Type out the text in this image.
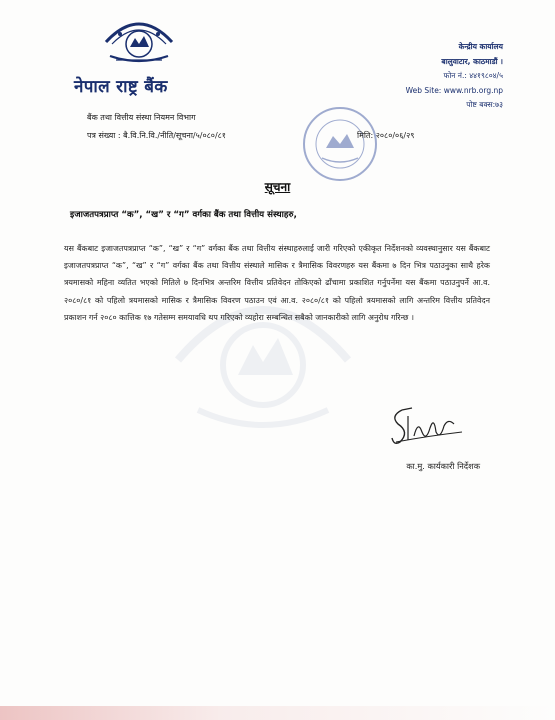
नेपाल राष्ट्र बैंक
केन्द्रीय कार्यालय
बालुवाटार, काठमाडौं ।
फोन नं.: ४४१९८०४/५
Web Site: www.nrb.org.np
पोष्ट बक्स:७३
बैंक तथा वित्तीय संस्था नियमन विभाग
पत्र संख्या : बै.वि.नि.वि./नीति/सूचना/५/०८०/८१	मिति: २०८०/०६/२९
सूचना
इजाजतपत्रप्राप्त “क”, “ख” र “ग” वर्गका बैंक तथा वित्तीय संस्थाहरु,
यस बैंकबाट इजाजतपत्रप्राप्त “क”, “ख” र “ग” वर्गका बैंक तथा वित्तीय संस्थाहरुलाई जारी गरिएको एकीकृत निर्देशनको व्यवस्थानुसार यस बैंकबाट इजाजतपत्रप्राप्त “क”, “ख” र “ग” वर्गका बैंक तथा वित्तीय संस्थाले मासिक र त्रैमासिक विवरणहरु यस बैंकमा ७ दिन भित्र पठाउनुका साथै हरेक त्रयमासको महिना व्यतित भएको मितिले ७ दिनभित्र अन्तरिम वित्तीय प्रतिवेदन तोकिएको ढाँचामा प्रकाशित गर्नुपर्नेमा यस बैंकमा पठाउनुपर्ने आ.व. २०८०/८१ को पहिलो त्रयमासको मासिक र त्रैमासिक विवरण पठाउन एवं आ.व. २०८०/८१ को पहिलो त्रयमासको लागि अन्तरिम वित्तीय प्रतिवेदन प्रकाशन गर्न २०८० कात्तिक १७ गतेसम्म समयावधि थप गरिएको व्यहोरा सम्बन्धित सबैको जानकारीको लागि अनुरोध गरिन्छ ।
का.मु. कार्यकारी निर्देशक
